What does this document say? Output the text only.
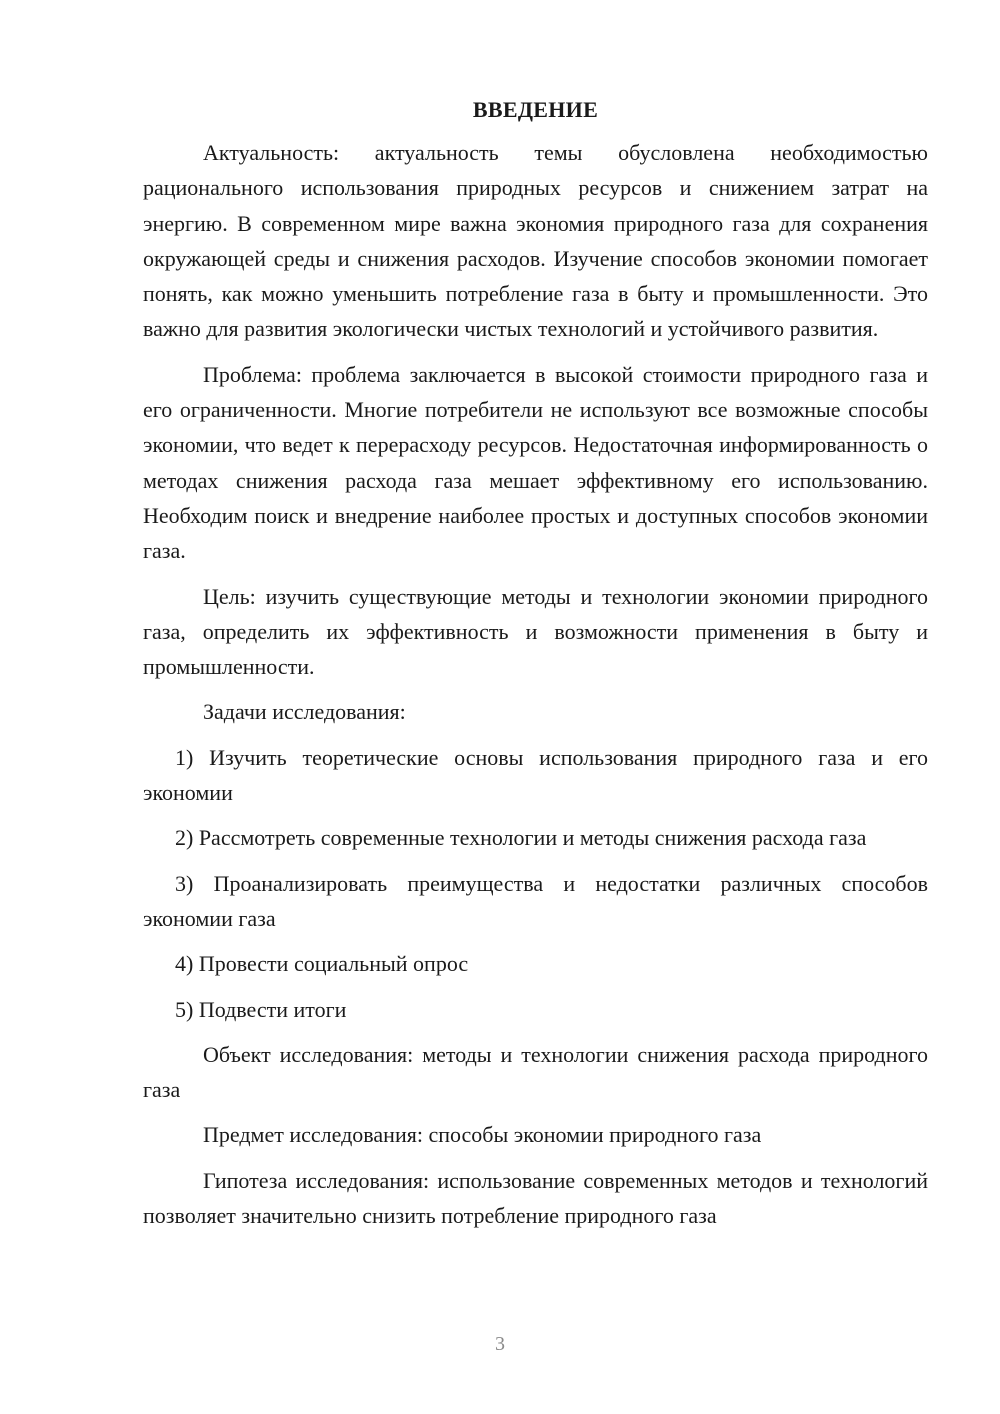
ВВЕДЕНИЕ

Актуальность: актуальность темы обусловлена необходимостью рационального использования природных ресурсов и снижением затрат на энергию. В современном мире важна экономия природного газа для сохранения окружающей среды и снижения расходов. Изучение способов экономии помогает понять, как можно уменьшить потребление газа в быту и промышленности. Это важно для развития экологически чистых технологий и устойчивого развития.

Проблема: проблема заключается в высокой стоимости природного газа и его ограниченности. Многие потребители не используют все возможные способы экономии, что ведет к перерасходу ресурсов. Недостаточная информированность о методах снижения расхода газа мешает эффективному его использованию. Необходим поиск и внедрение наиболее простых и доступных способов экономии газа.

Цель: изучить существующие методы и технологии экономии природного газа, определить их эффективность и возможности применения в быту и промышленности.

Задачи исследования:

1) Изучить теоретические основы использования природного газа и его экономии

2) Рассмотреть современные технологии и методы снижения расхода газа

3) Проанализировать преимущества и недостатки различных способов экономии газа

4) Провести социальный опрос

5) Подвести итоги

Объект исследования: методы и технологии снижения расхода природного газа

Предмет исследования: способы экономии природного газа

Гипотеза исследования: использование современных методов и технологий позволяет значительно снизить потребление природного газа

3
